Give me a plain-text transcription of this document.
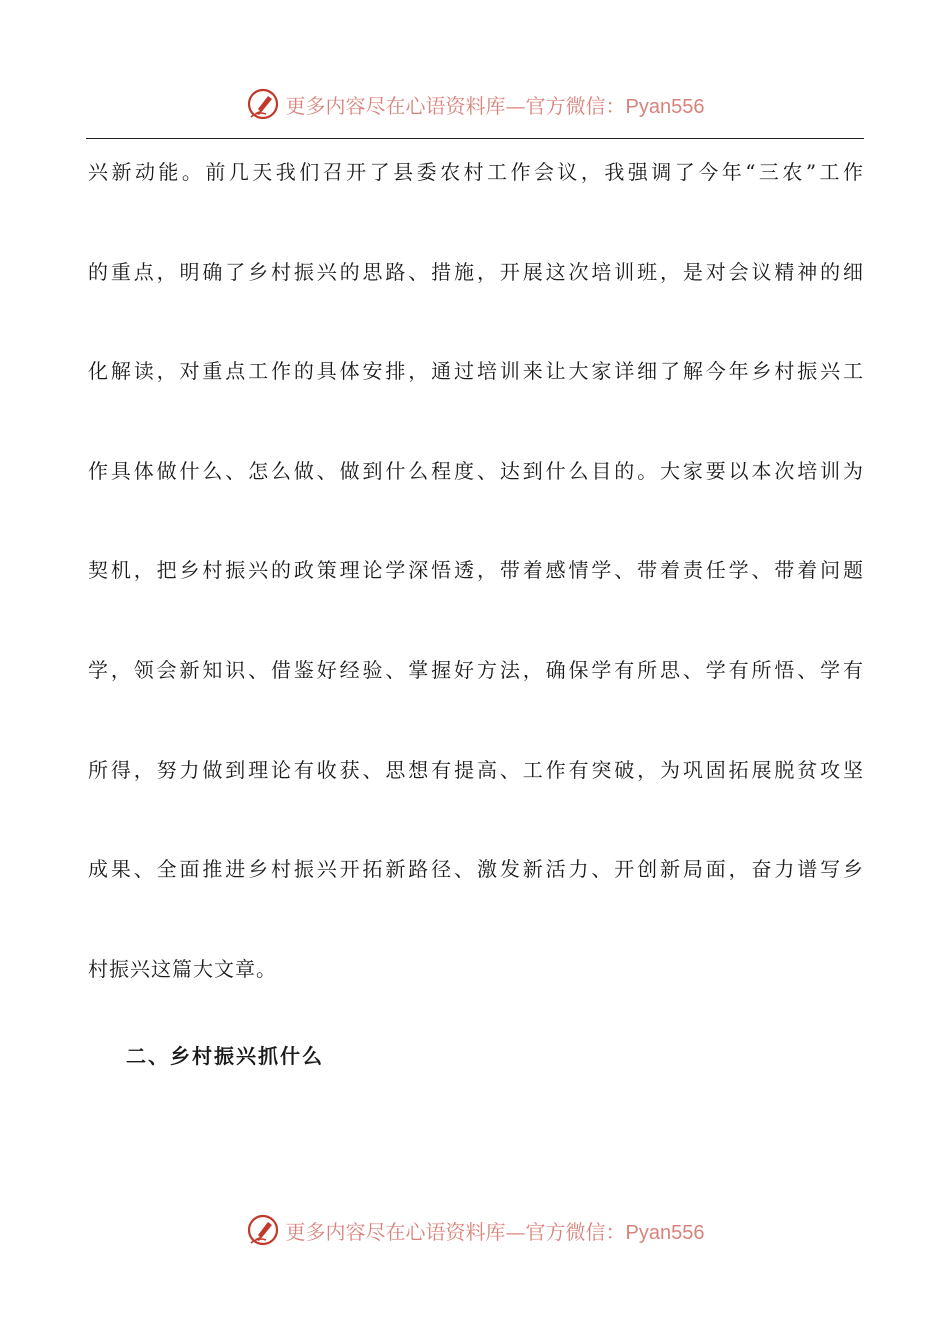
更多内容尽在心语资料库—官方微信：Pyan556
兴新动能。前几天我们召开了县委农村工作会议，我强调了今年“三农”工作
的重点，明确了乡村振兴的思路、措施，开展这次培训班，是对会议精神的细
化解读，对重点工作的具体安排，通过培训来让大家详细了解今年乡村振兴工
作具体做什么、怎么做、做到什么程度、达到什么目的。大家要以本次培训为
契机，把乡村振兴的政策理论学深悟透，带着感情学、带着责任学、带着问题
学，领会新知识、借鉴好经验、掌握好方法，确保学有所思、学有所悟、学有
所得，努力做到理论有收获、思想有提高、工作有突破，为巩固拓展脱贫攻坚
成果、全面推进乡村振兴开拓新路径、激发新活力、开创新局面，奋力谱写乡
村振兴这篇大文章。
二、乡村振兴抓什么
更多内容尽在心语资料库—官方微信：Pyan556
